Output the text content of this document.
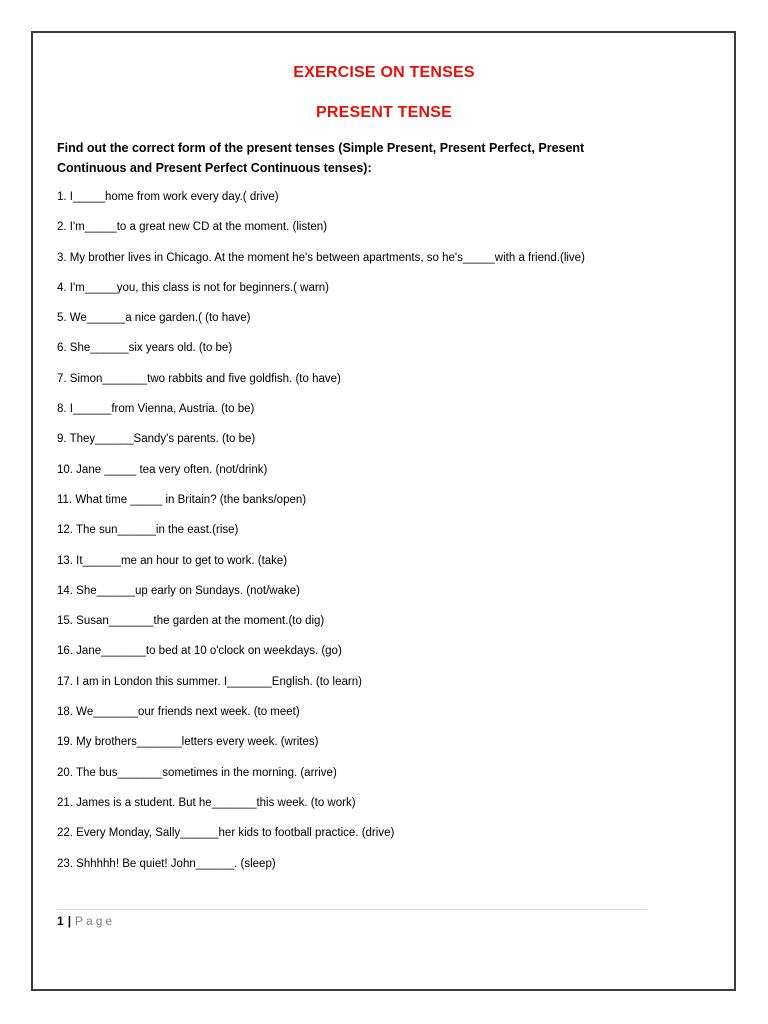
EXERCISE ON TENSES
PRESENT TENSE
Find out the correct form of the present tenses (Simple Present, Present Perfect, Present Continuous and Present Perfect Continuous tenses):
1. I_____home from work every day.( drive)
2. I'm_____to a great new CD at the moment. (listen)
3. My brother lives in Chicago. At the moment he's between apartments, so he's_____with a friend.(live)
4. I'm_____you, this class is not for beginners.( warn)
5. We______a nice garden.( (to have)
6. She______six years old. (to be)
7. Simon_______two rabbits and five goldfish. (to have)
8. I______from Vienna, Austria. (to be)
9. They______Sandy's parents. (to be)
10. Jane _____ tea very often. (not/drink)
11. What time _____ in Britain? (the banks/open)
12. The sun______in the east.(rise)
13. It______me an hour to get to work. (take)
14. She______up early on Sundays. (not/wake)
15. Susan_______the garden at the moment.(to dig)
16. Jane_______to bed at 10 o'clock on weekdays. (go)
17. I am in London this summer. I_______English. (to learn)
18. We_______our friends next week. (to meet)
19. My brothers_______letters every week. (writes)
20. The bus_______sometimes in the morning. (arrive)
21. James is a student. But he_______this week. (to work)
22. Every Monday, Sally______her kids to football practice. (drive)
23. Shhhhh! Be quiet! John______. (sleep)
1 | Page
